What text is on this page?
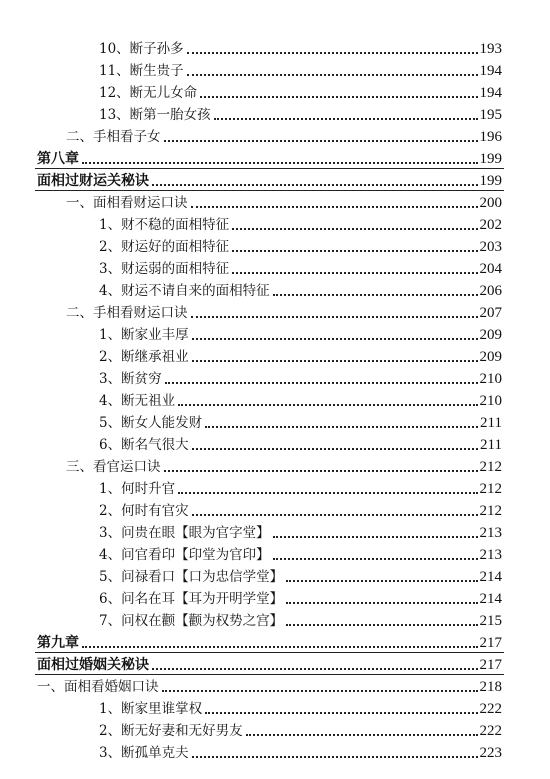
10、断子孙多	193
11、断生贵子	194
12、断无儿女命	194
13、断第一胎女孩	195
二、手相看子女	196
第八章	199
面相过财运关秘诀	199
一、面相看财运口诀	200
1、财不稳的面相特征	202
2、财运好的面相特征	203
3、财运弱的面相特征	204
4、财运不请自来的面相特征	206
二、手相看财运口诀	207
1、断家业丰厚	209
2、断继承祖业	209
3、断贫穷	210
4、断无祖业	210
5、断女人能发财	211
6、断名气很大	211
三、看官运口诀	212
1、何时升官	212
2、何时有官灾	212
3、问贵在眼【眼为官字堂】	213
4、问官看印【印堂为官印】	213
5、问禄看口【口为忠信学堂】	214
6、问名在耳【耳为开明学堂】	214
7、问权在颧【颧为权势之宫】	215
第九章	217
面相过婚姻关秘诀	217
一、面相看婚姻口诀	218
1、断家里谁掌权	222
2、断无好妻和无好男友	222
3、断孤单克夫	223
